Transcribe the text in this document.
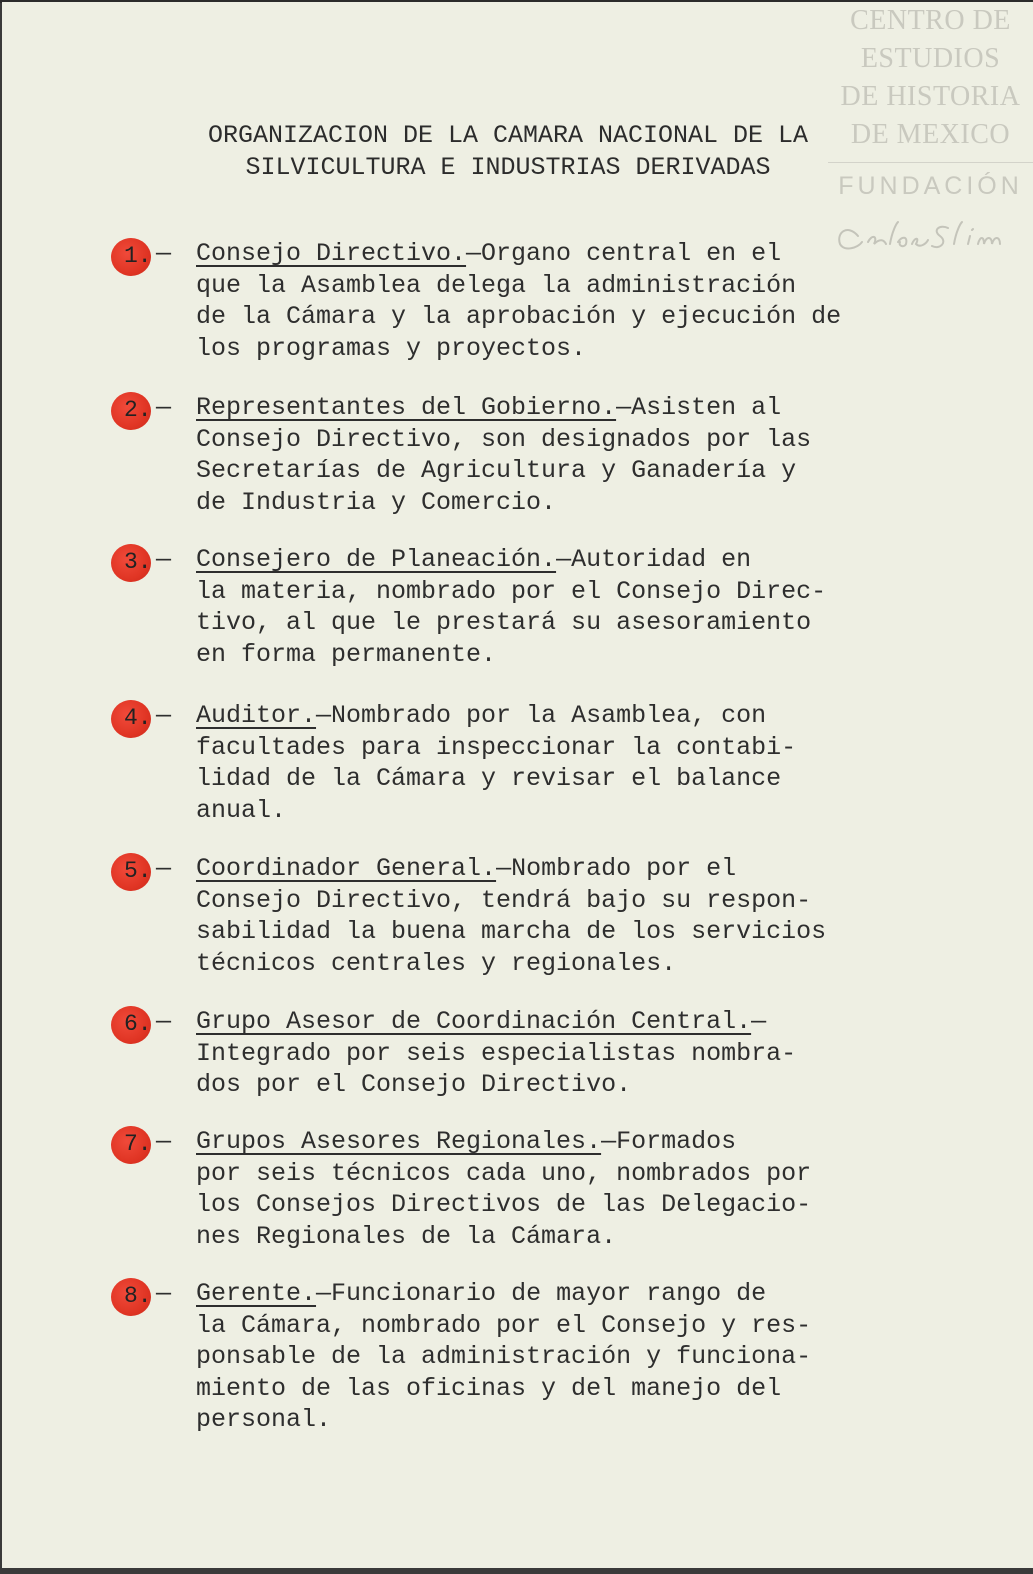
CENTRO DE
ESTUDIOS
DE HISTORIA
DE MEXICO
FUNDACIÓN
ORGANIZACION DE LA CAMARA NACIONAL DE LA
SILVICULTURA E INDUSTRIAS DERIVADAS
1. — Consejo Directivo.—Organo central en el
que la Asamblea delega la administración
de la Cámara y la aprobación y ejecución de
los programas y proyectos.
2. — Representantes del Gobierno.—Asisten al
Consejo Directivo, son designados por las
Secretarías de Agricultura y Ganadería y
de Industria y Comercio.
3. — Consejero de Planeación.—Autoridad en
la materia, nombrado por el Consejo Direc-
tivo, al que le prestará su asesoramiento
en forma permanente.
4. — Auditor.—Nombrado por la Asamblea, con
facultades para inspeccionar la contabi-
lidad de la Cámara y revisar el balance
anual.
5. — Coordinador General.—Nombrado por el
Consejo Directivo, tendrá bajo su respon-
sabilidad la buena marcha de los servicios
técnicos centrales y regionales.
6. — Grupo Asesor de Coordinación Central.—
Integrado por seis especialistas nombra-
dos por el Consejo Directivo.
7. — Grupos Asesores Regionales.—Formados
por seis técnicos cada uno, nombrados por
los Consejos Directivos de las Delegacio-
nes Regionales de la Cámara.
8. — Gerente.—Funcionario de mayor rango de
la Cámara, nombrado por el Consejo y res-
ponsable de la administración y funciona-
miento de las oficinas y del manejo del
personal.
